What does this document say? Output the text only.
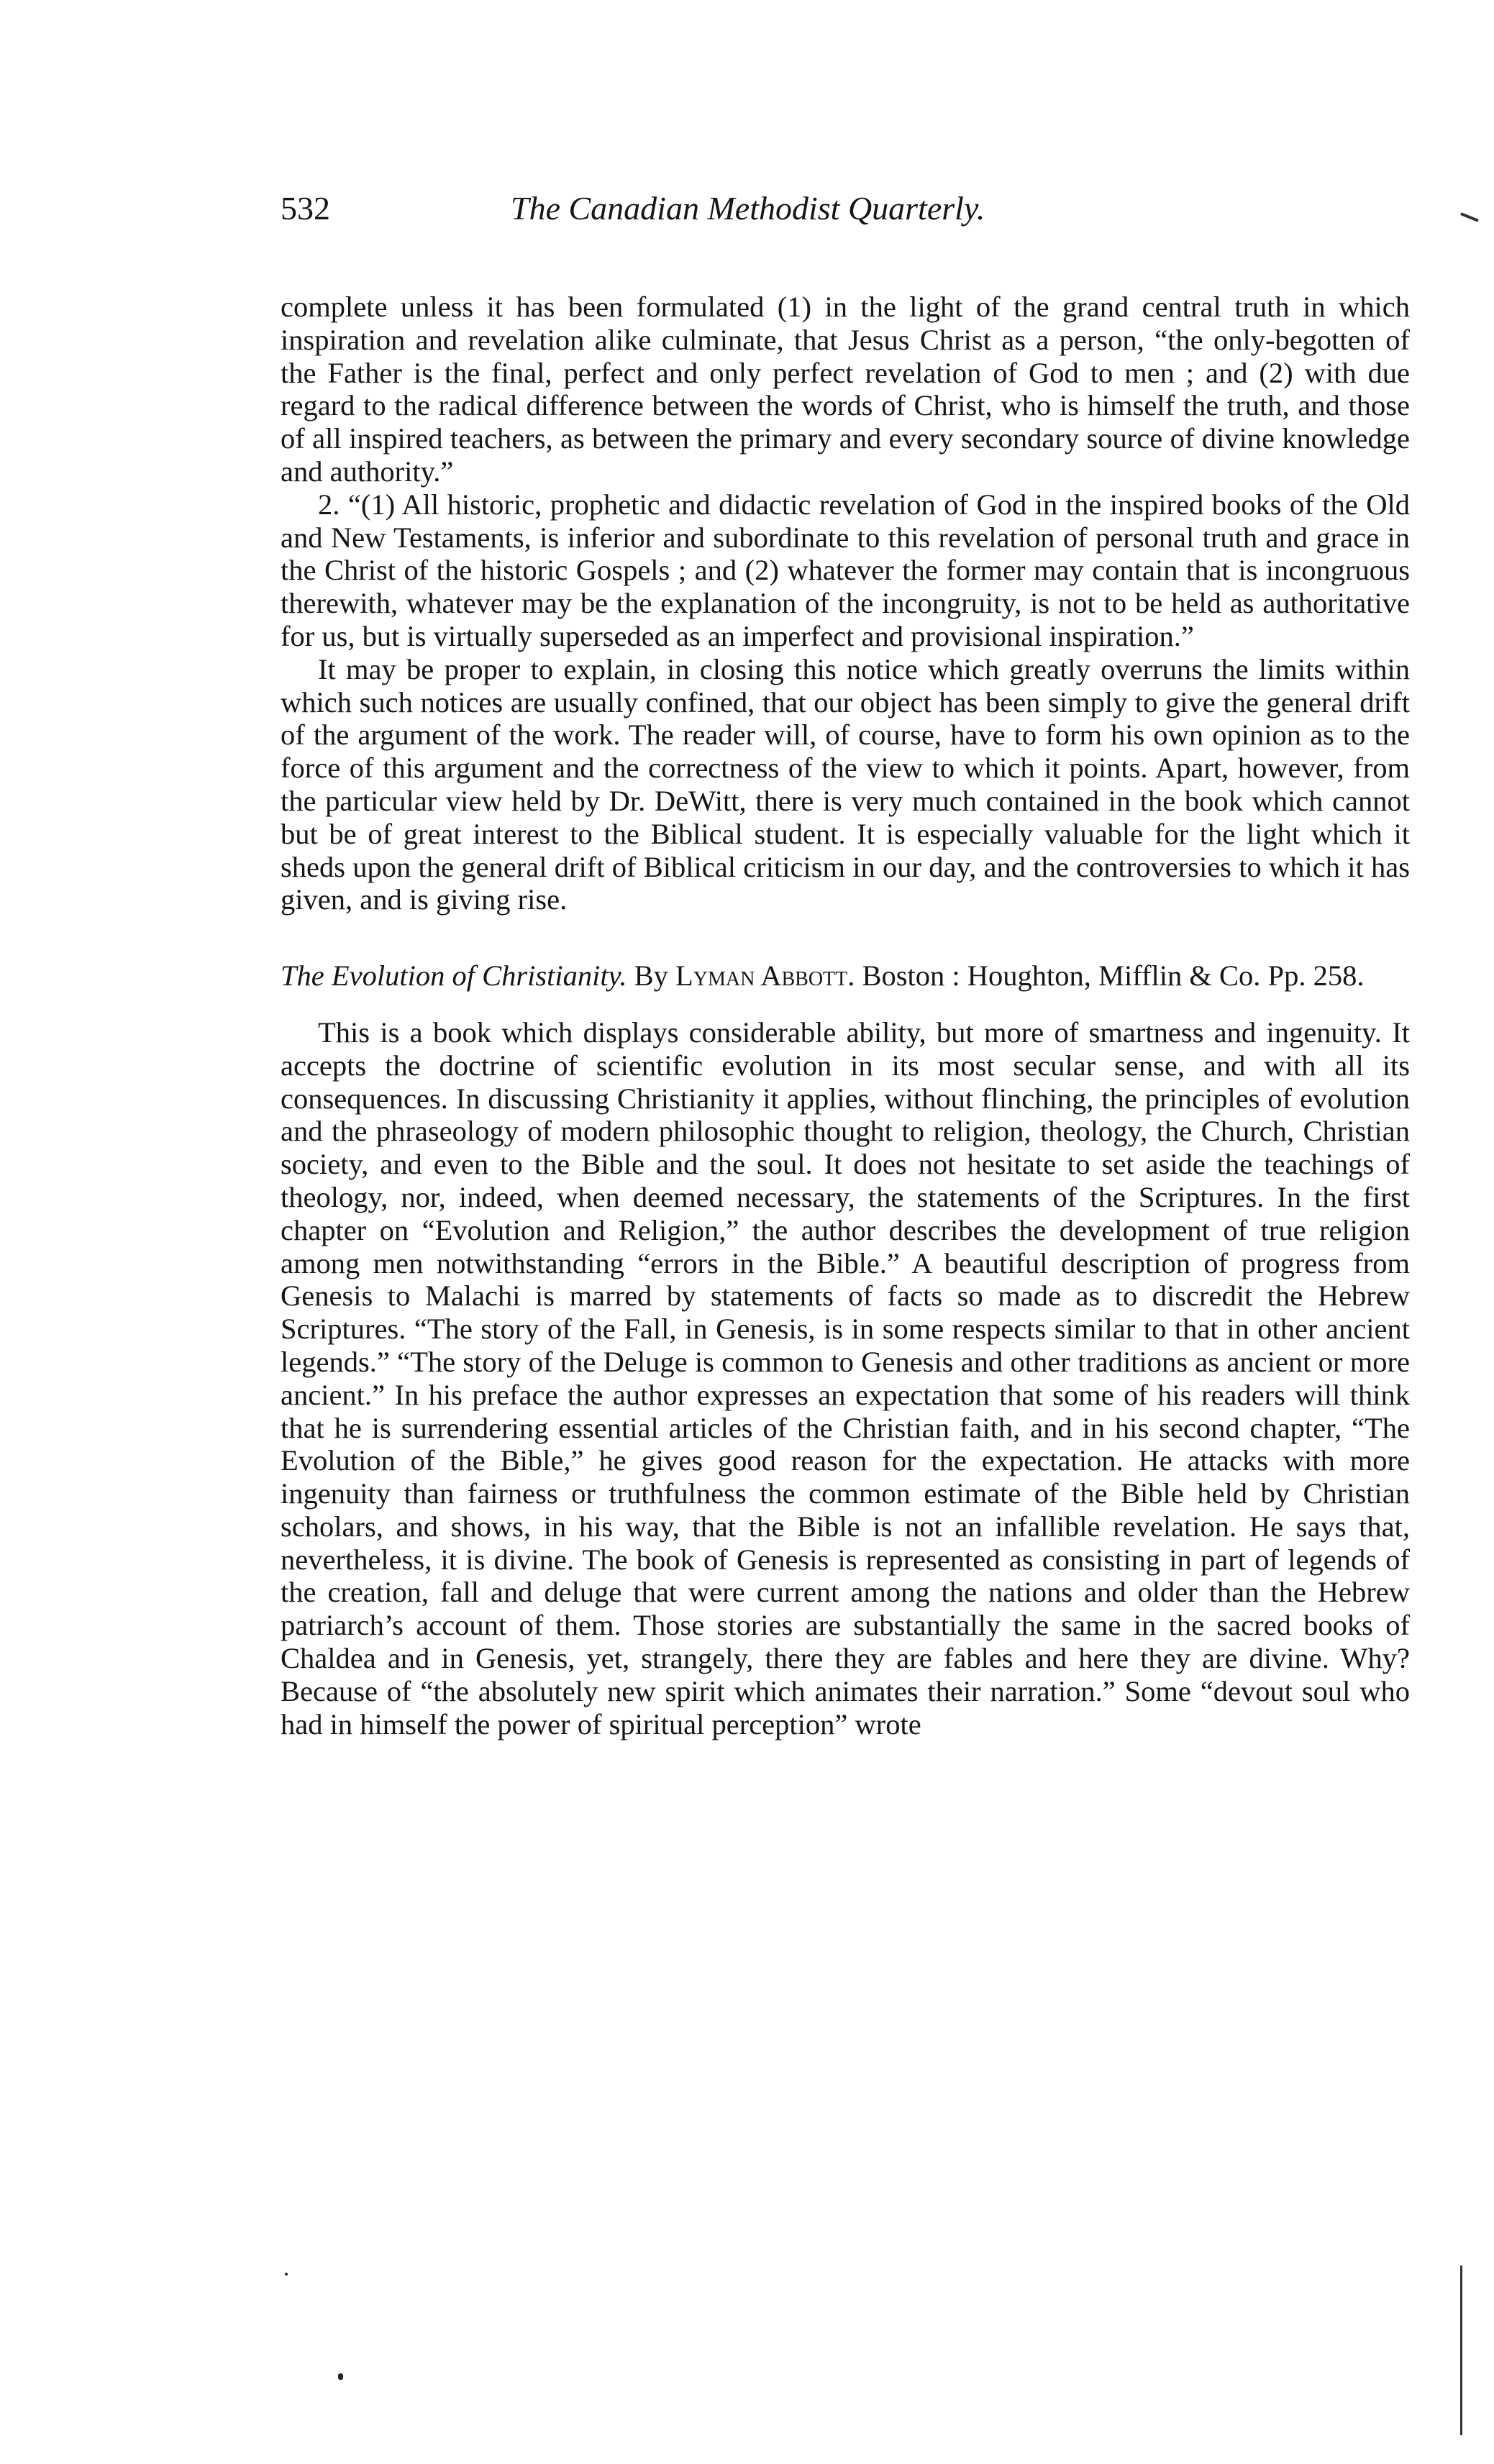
532	The Canadian Methodist Quarterly.

complete unless it has been formulated (1) in the light of the grand central truth in which inspiration and revelation alike culminate, that Jesus Christ as a person, “the only-begotten of the Father is the final, perfect and only perfect revelation of God to men ; and (2) with due regard to the radical difference between the words of Christ, who is himself the truth, and those of all inspired teachers, as between the primary and every secondary source of divine knowledge and authority.”

2. “(1) All historic, prophetic and didactic revelation of God in the inspired books of the Old and New Testaments, is inferior and subordinate to this revelation of personal truth and grace in the Christ of the historic Gospels ; and (2) whatever the former may contain that is incongruous therewith, whatever may be the explanation of the incongruity, is not to be held as authoritative for us, but is virtually superseded as an imperfect and provisional inspiration.”

It may be proper to explain, in closing this notice which greatly overruns the limits within which such notices are usually confined, that our object has been simply to give the general drift of the argument of the work. The reader will, of course, have to form his own opinion as to the force of this argument and the correctness of the view to which it points. Apart, however, from the particular view held by Dr. DeWitt, there is very much contained in the book which cannot but be of great interest to the Biblical student. It is especially valuable for the light which it sheds upon the general drift of Biblical criticism in our day, and the controversies to which it has given, and is giving rise.

The Evolution of Christianity. By Lyman Abbott. Boston : Houghton, Mifflin & Co. Pp. 258.

This is a book which displays considerable ability, but more of smartness and ingenuity. It accepts the doctrine of scientific evolution in its most secular sense, and with all its consequences. In discussing Christianity it applies, without flinching, the principles of evolution and the phraseology of modern philosophic thought to religion, theology, the Church, Christian society, and even to the Bible and the soul. It does not hesitate to set aside the teachings of theology, nor, indeed, when deemed necessary, the statements of the Scriptures. In the first chapter on “Evolution and Religion,” the author describes the development of true religion among men notwithstanding “errors in the Bible.” A beautiful description of progress from Genesis to Malachi is marred by statements of facts so made as to discredit the Hebrew Scriptures. “The story of the Fall, in Genesis, is in some respects similar to that in other ancient legends.” “The story of the Deluge is common to Genesis and other traditions as ancient or more ancient.” In his preface the author expresses an expectation that some of his readers will think that he is surrendering essential articles of the Christian faith, and in his second chapter, “The Evolution of the Bible,” he gives good reason for the expectation. He attacks with more ingenuity than fairness or truthfulness the common estimate of the Bible held by Christian scholars, and shows, in his way, that the Bible is not an infallible revelation. He says that, nevertheless, it is divine. The book of Genesis is represented as consisting in part of legends of the creation, fall and deluge that were current among the nations and older than the Hebrew patriarch’s account of them. Those stories are substantially the same in the sacred books of Chaldea and in Genesis, yet, strangely, there they are fables and here they are divine. Why? Because of “the absolutely new spirit which animates their narration.” Some “devout soul who had in himself the power of spiritual perception” wrote
